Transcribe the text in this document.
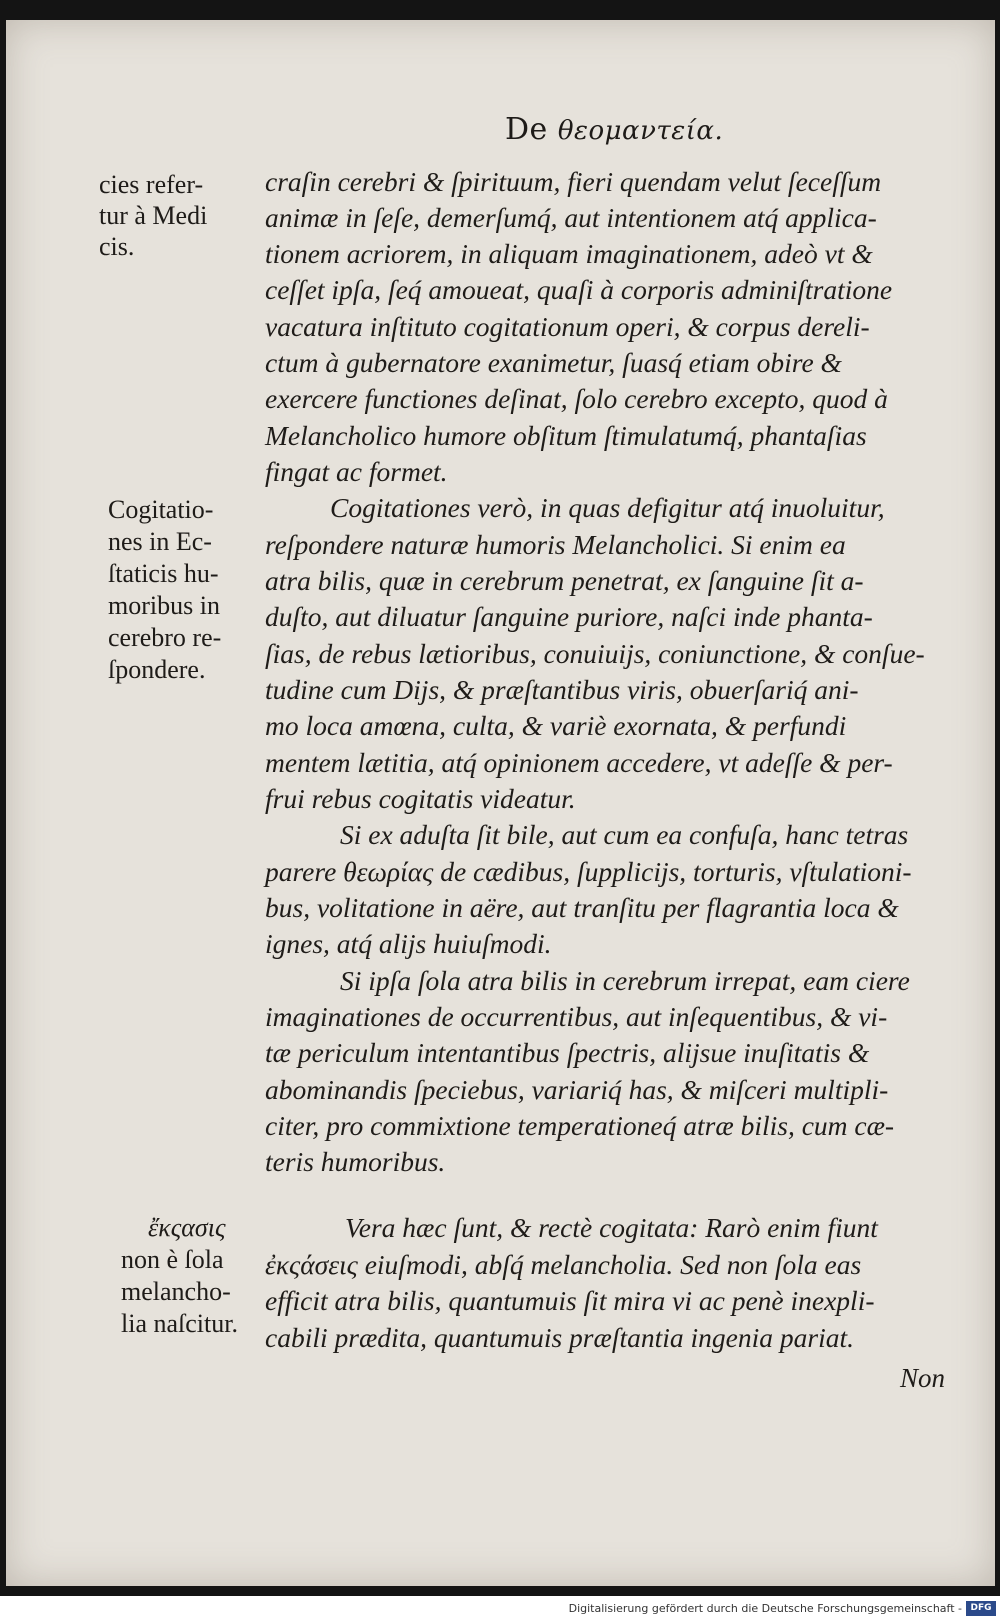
De θεομαντεία.

cies refer-

tur à Medi

cis.

Cogitatio-

nes in Ec-

ſtaticis hu-

moribus in

cerebro re-

ſpondere.

ἔκςασις

non è ſola

melancho-

lia naſcitur.

craſin cerebri & ſpirituum, fieri quendam velut ſeceſſum

animæ in ſeſe, demerſumq́, aut intentionem atq́ applica-

tionem acriorem, in aliquam imaginationem, adeò vt &

ceſſet ipſa, ſeq́ amoueat, quaſi à corporis adminiſtratione

vacatura inſtituto cogitationum operi, & corpus dereli-

ctum à gubernatore exanimetur, ſuasq́ etiam obire &

exercere functiones deſinat, ſolo cerebro excepto, quod à

Melancholico humore obſitum ſtimulatumq́, phantaſias

fingat ac formet.

Cogitationes verò, in quas defigitur atq́ inuoluitur,

reſpondere naturæ humoris Melancholici. Si enim ea

atra bilis, quæ in cerebrum penetrat, ex ſanguine ſit a-

duſto, aut diluatur ſanguine puriore, naſci inde phanta-

ſias, de rebus lætioribus, conuiuijs, coniunctione, & conſue-

tudine cum Dijs, & præſtantibus viris, obuerſariq́ ani-

mo loca amœna, culta, & variè exornata, & perfundi

mentem lætitia, atq́ opinionem accedere, vt adeſſe & per-

frui rebus cogitatis videatur.

Si ex aduſta ſit bile, aut cum ea confuſa, hanc tetras

parere θεωρίας de cædibus, ſupplicijs, torturis, vſtulationi-

bus, volitatione in aëre, aut tranſitu per flagrantia loca &

ignes, atq́ alijs huiuſmodi.

Si ipſa ſola atra bilis in cerebrum irrepat, eam ciere

imaginationes de occurrentibus, aut inſequentibus, & vi-

tæ periculum intentantibus ſpectris, alijsue inuſitatis &

abominandis ſpeciebus, variariq́ has, & miſceri multipli-

citer, pro commixtione temperationeq́ atræ bilis, cum cæ-

teris humoribus.

Vera hæc ſunt, & rectè cogitata: Rarò enim fiunt

ἐκςάσεις eiuſmodi, abſq́ melancholia. Sed non ſola eas

efficit atra bilis, quantumuis ſit mira vi ac penè inexpli-

cabili prædita, quantumuis præſtantia ingenia pariat.

Non
Digitalisierung gefördert durch die Deutsche Forschungsgemeinschaft - DFG
